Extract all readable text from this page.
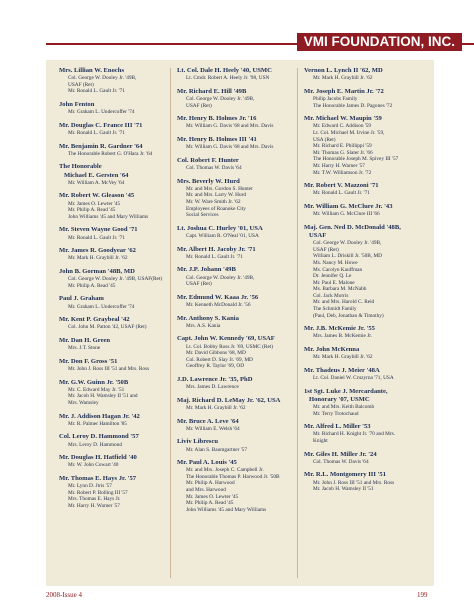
VMI FOUNDATION, INC.
Mrs. Lillian W. Enochs
Col. George W. Dooley Jr. '49B,
USAF (Ret)
Mr. Ronald L. Gault Jr. '71
John Fenton
Mr. Graham L. Undercoffer '74
Mr. Douglas C. France III '71
Mr. Ronald L. Gault Jr. '71
Mr. Benjamin R. Gardner '64
The Honorable Robert G. O'Hara Jr. '64
The Honorable
Michael E. Gersten '64
Mr. William A. McVey '64
Mr. Robert W. Gleason '45
Mr. James O. Lewter '45
Mr. Philip A. Read '45
John Williams '45 and Mary Williams
Mr. Steven Wayne Good '71
Mr. Ronald L. Gault Jr. '71
Mr. James R. Goodyear '62
Mr. Mark H. Graybill Jr. '62
John B. Gorman '48B, MD
Col. George W. Dooley Jr. '49B, USAF(Ret)
Mr. Philip A. Read '45
Paul J. Graham
Mr. Graham L. Undercoffer '74
Mr. Kent P. Graybeal '42
Col. John M. Patton '42, USAF (Ret)
Mr. Dan H. Green
Mrs. J.T. Stone
Mr. Don F. Gross '51
Mr. John J. Ross III '51 and Mrs. Ross
Mr. G.W. Guinn Jr. '50B
Mr. C. Edward May Jr. '51
Mr. Jacob H. Wamsley II '51 and
Mrs. Wamsley
Mr. J. Addison Hagan Jr. '42
Mr. R. Palmer Hamilton '85
Col. Leroy D. Hammond '57
Mrs. Leroy D. Hammond
Mr. Douglas H. Hatfield '40
Mr. W. John Cowart '40
Mr. Thomas E. Hays Jr. '57
Mr. Lynn D. Jtris '57
Mr. Robert P. Bolling III '57
Mrs. Thomas E. Hays Jr.
Mr. Harry H. Warner '57
Lt. Col. Dale H. Heely '40, USMC
Lt. Cmdr. Robert A. Heely Jr. '98, USN
Mr. Richard E. Hill '49B
Col. George W. Dooley Jr. '49B,
USAF (Ret)
Mr. Henry B. Holmes Jr. '16
Mr. William G. Davis '68 and Mrs. Davis
Mr. Henry B. Holmes III '41
Mr. William G. Davis '68 and Mrs. Davis
Col. Robert F. Hunter
Col. Thomas W. Davis '64
Mrs. Beverly W. Hurd
Mr. and Mrs. Gordon S. Hunter
Mr. and Mrs. Larry W. Hurd
Mr. W. Ware Smith Jr. '62
Employees of Roanoke City
Social Services
Lt. Joshua C. Hurley '01, USA
Capt. William R. O'Neal '01, USA
Mr. Albert H. Jacoby Jr. '71
Mr. Ronald L. Gault Jr. '71
Mr. J.P. Johann '49B
Col. George W. Dooley Jr. '49B,
USAF (Ret)
Mr. Edmund W. Kaaa Jr. '56
Mr. Kenneth McDonald Jr. '56
Mr. Anthony S. Kania
Mrs. A.S. Kania
Capt. John W. Kennedy '69, USAF
Lt. Col. Bobby Ross Jr. '69, USMC (Ret)
Mr. David Gibbons '68, MD
Col. Robert D. Slay Jr. '69, MD
Geoffrey R. Taylor '69, OD
J.D. Lawrence Jr. '35, PhD
Mrs. James D. Lawrence
Maj. Richard D. LeMay Jr. '62, USA
Mr. Mark H. Graybill Jr. '62
Mr. Bruce A. Leve '64
Mr. William E. Welsh '64
Liviv Librescu
Mr. Alan S. Baumgartner '57
Mr. Paul A. Louis '45
Mr. and Mrs. Joseph C. Campbell Jr.
The Honorable Thomas P. Harwood Jr. '50B
Mr. Philip A. Harwood
and Mrs. Harwood
Mr. James O. Lewter '45
Mr. Philip A. Read '45
John Williams '45 and Mary Williams
Vernon L. Lynch II '62, MD
Mr. Mark H. Graybill Jr. '62
Mr. Joseph E. Martin Jr. '72
Philip Jacobs Family
The Honorable James D. Pagones '72
Mr. Michael W. Maupin '59
Mr. Edward C. Addison '59
Lt. Col. Michael M. Irvine Jr. '59,
USA (Ret)
Mr. Richard E. Phillippi '59
Mr. Thomas G. Slater Jr. '66
The Honorable Joseph M. Spivey III '57
Mr. Harry H. Warner '57
Mr. T.W. Williamson Jr. '72
Mr. Robert V. Mazzoni '71
Mr. Ronald L. Gault Jr. '71
Mr. William G. McClure Jr. '43
Mr. William G. McClure III '66
Maj. Gen. Ned D. McDonald '48B,
USAF
Col. George W. Dooley Jr. '49B,
USAF (Ret)
William L. Driskill Jr. '50B, MD
Ms. Nancy M. Howe
Ms. Carolyn Kauffman
Dr. Jennifer Q. Le
Mr. Paul E. Malone
Ms. Barbara M. McNabb
Col. Jack Morris
Mr. and Mrs. Harold C. Reid
The Schmidt Family
(Paul, Deb, Jonathan & Timothy)
Mr. J.B. McKemie Jr. '55
Mrs. James B. McKemie Jr.
Mr. John McKenna
Mr. Mark H. Graybill Jr. '62
Mr. Thadeus J. Meier '48A
Lt. Col. Daniel W. Cruzyrna '71, USA
1st Sgt. Luke J. Mercardante,
Honorary '07, USMC
Mr. and Mrs. Keith Balcomb
Mr. Terry Trotochaud
Mr. Alfred L. Miller '53
Mr. Richard H. Knight Jr. '70 and Mrs.
Knight
Mr. Giles H. Miller Jr. '24
Col. Thomas W. Davis '64
Mr. R.L. Montgomery III '51
Mr. John J. Ross III '51 and Mrs. Ross
Mr. Jacob H. Wamsley II '51
2008-Issue 4	199
